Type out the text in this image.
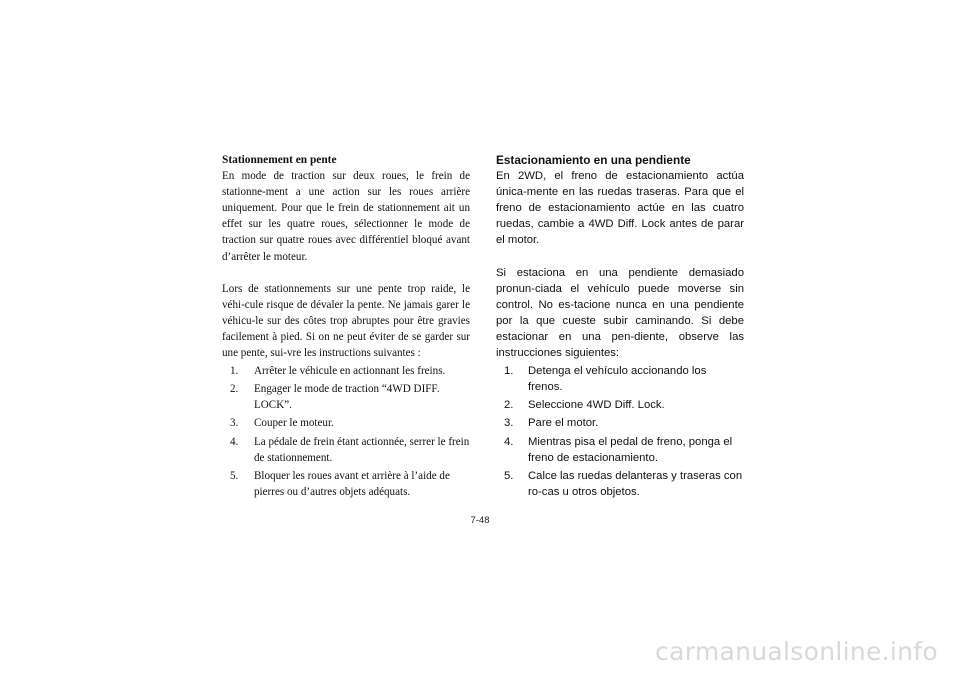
Stationnement en pente

En mode de traction sur deux roues, le frein de stationne-ment a une action sur les roues arrière uniquement. Pour que le frein de stationnement ait un effet sur les quatre roues, sélectionner le mode de traction sur quatre roues avec différentiel bloqué avant d’arrêter le moteur.

Lors de stationnements sur une pente trop raide, le véhi-cule risque de dévaler la pente. Ne jamais garer le véhicu-le sur des côtes trop abruptes pour être gravies facilement à pied. Si on ne peut éviter de se garder sur une pente, sui-vre les instructions suivantes :

1.	Arrêter le véhicule en actionnant les freins.
2.	Engager le mode de traction “4WD DIFF. LOCK”.
3.	Couper le moteur.
4.	La pédale de frein étant actionnée, serrer le frein de stationnement.
5.	Bloquer les roues avant et arrière à l’aide de pierres ou d’autres objets adéquats.
Estacionamiento en una pendiente

En 2WD, el freno de estacionamiento actúa única-mente en las ruedas traseras. Para que el freno de estacionamiento actúe en las cuatro ruedas, cambie a 4WD Diff. Lock antes de parar el motor.

Si estaciona en una pendiente demasiado pronun-ciada el vehículo puede moverse sin control. No es-tacione nunca en una pendiente por la que cueste subir caminando. Si debe estacionar en una pen-diente, observe las instrucciones siguientes:

1.	Detenga el vehículo accionando los frenos.
2.	Seleccione 4WD Diff. Lock.
3.	Pare el motor.
4.	Mientras pisa el pedal de freno, ponga el freno de estacionamiento.
5.	Calce las ruedas delanteras y traseras con ro-cas u otros objetos.
7-48
carmanualsonline.info
